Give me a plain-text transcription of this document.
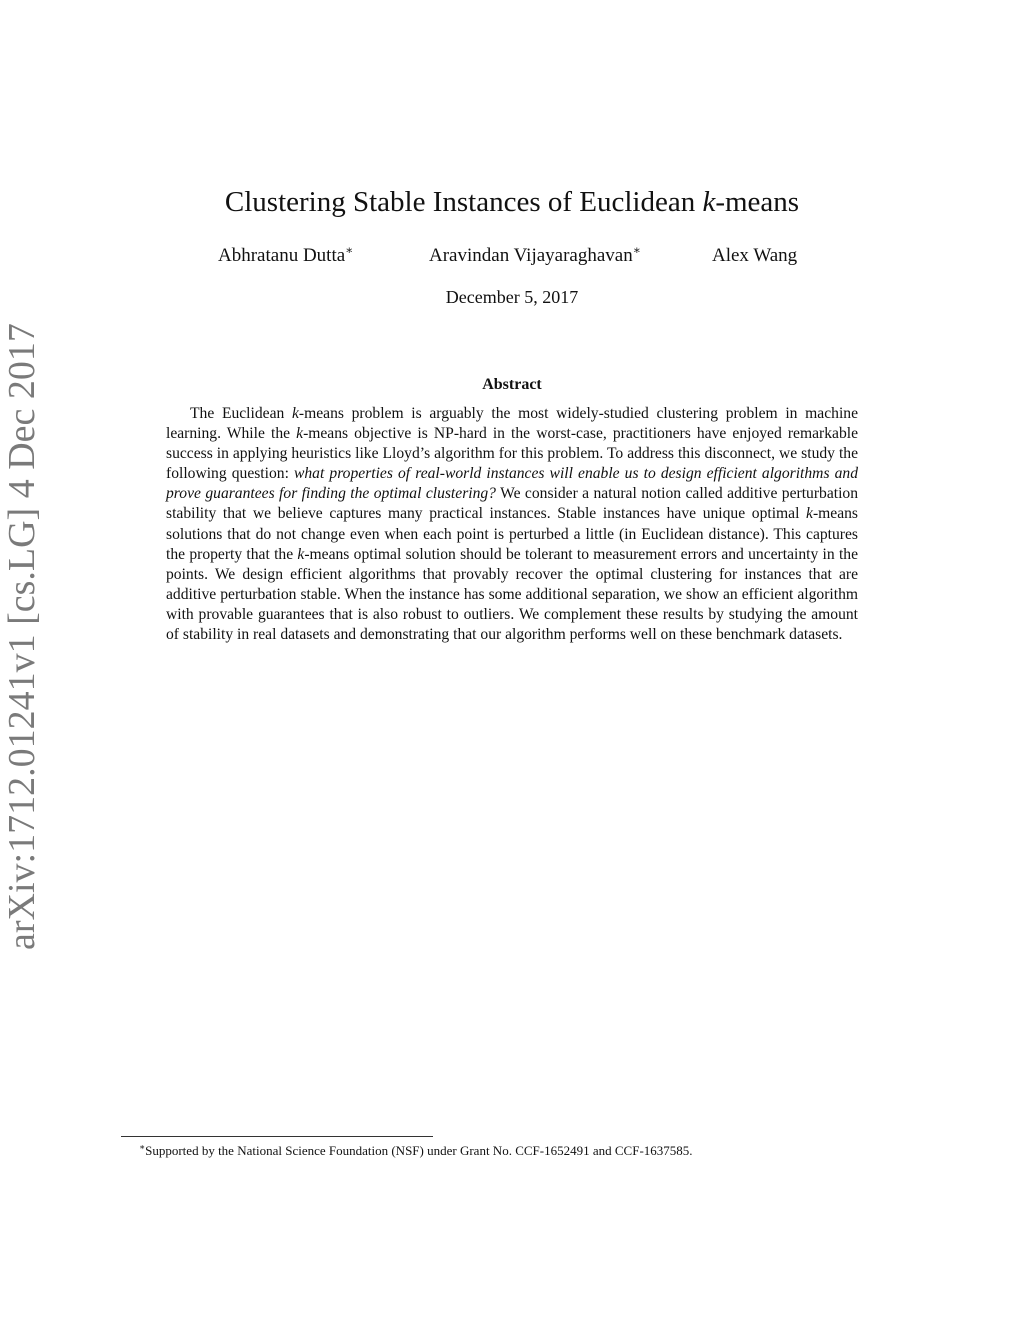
arXiv:1712.01241v1 [cs.LG] 4 Dec 2017
Clustering Stable Instances of Euclidean k-means
Abhratanu Dutta∗	Aravindan Vijayaraghavan∗	Alex Wang
December 5, 2017
Abstract

The Euclidean k-means problem is arguably the most widely-studied clustering problem in machine learning. While the k-means objective is NP-hard in the worst-case, practitioners have enjoyed remarkable success in applying heuristics like Lloyd’s algorithm for this problem. To address this disconnect, we study the following question: what properties of real-world instances will enable us to design efficient algorithms and prove guarantees for finding the optimal clustering? We consider a natural notion called additive perturbation stability that we believe captures many practical instances. Stable instances have unique optimal k-means solutions that do not change even when each point is perturbed a little (in Euclidean distance). This captures the property that the k-means optimal solution should be tolerant to measurement errors and uncertainty in the points. We design efficient algorithms that provably recover the optimal clustering for instances that are additive perturbation stable. When the instance has some additional separation, we show an efficient algorithm with provable guarantees that is also robust to outliers. We complement these results by studying the amount of stability in real datasets and demonstrating that our algorithm performs well on these benchmark datasets.

∗Supported by the National Science Foundation (NSF) under Grant No. CCF-1652491 and CCF-1637585.
